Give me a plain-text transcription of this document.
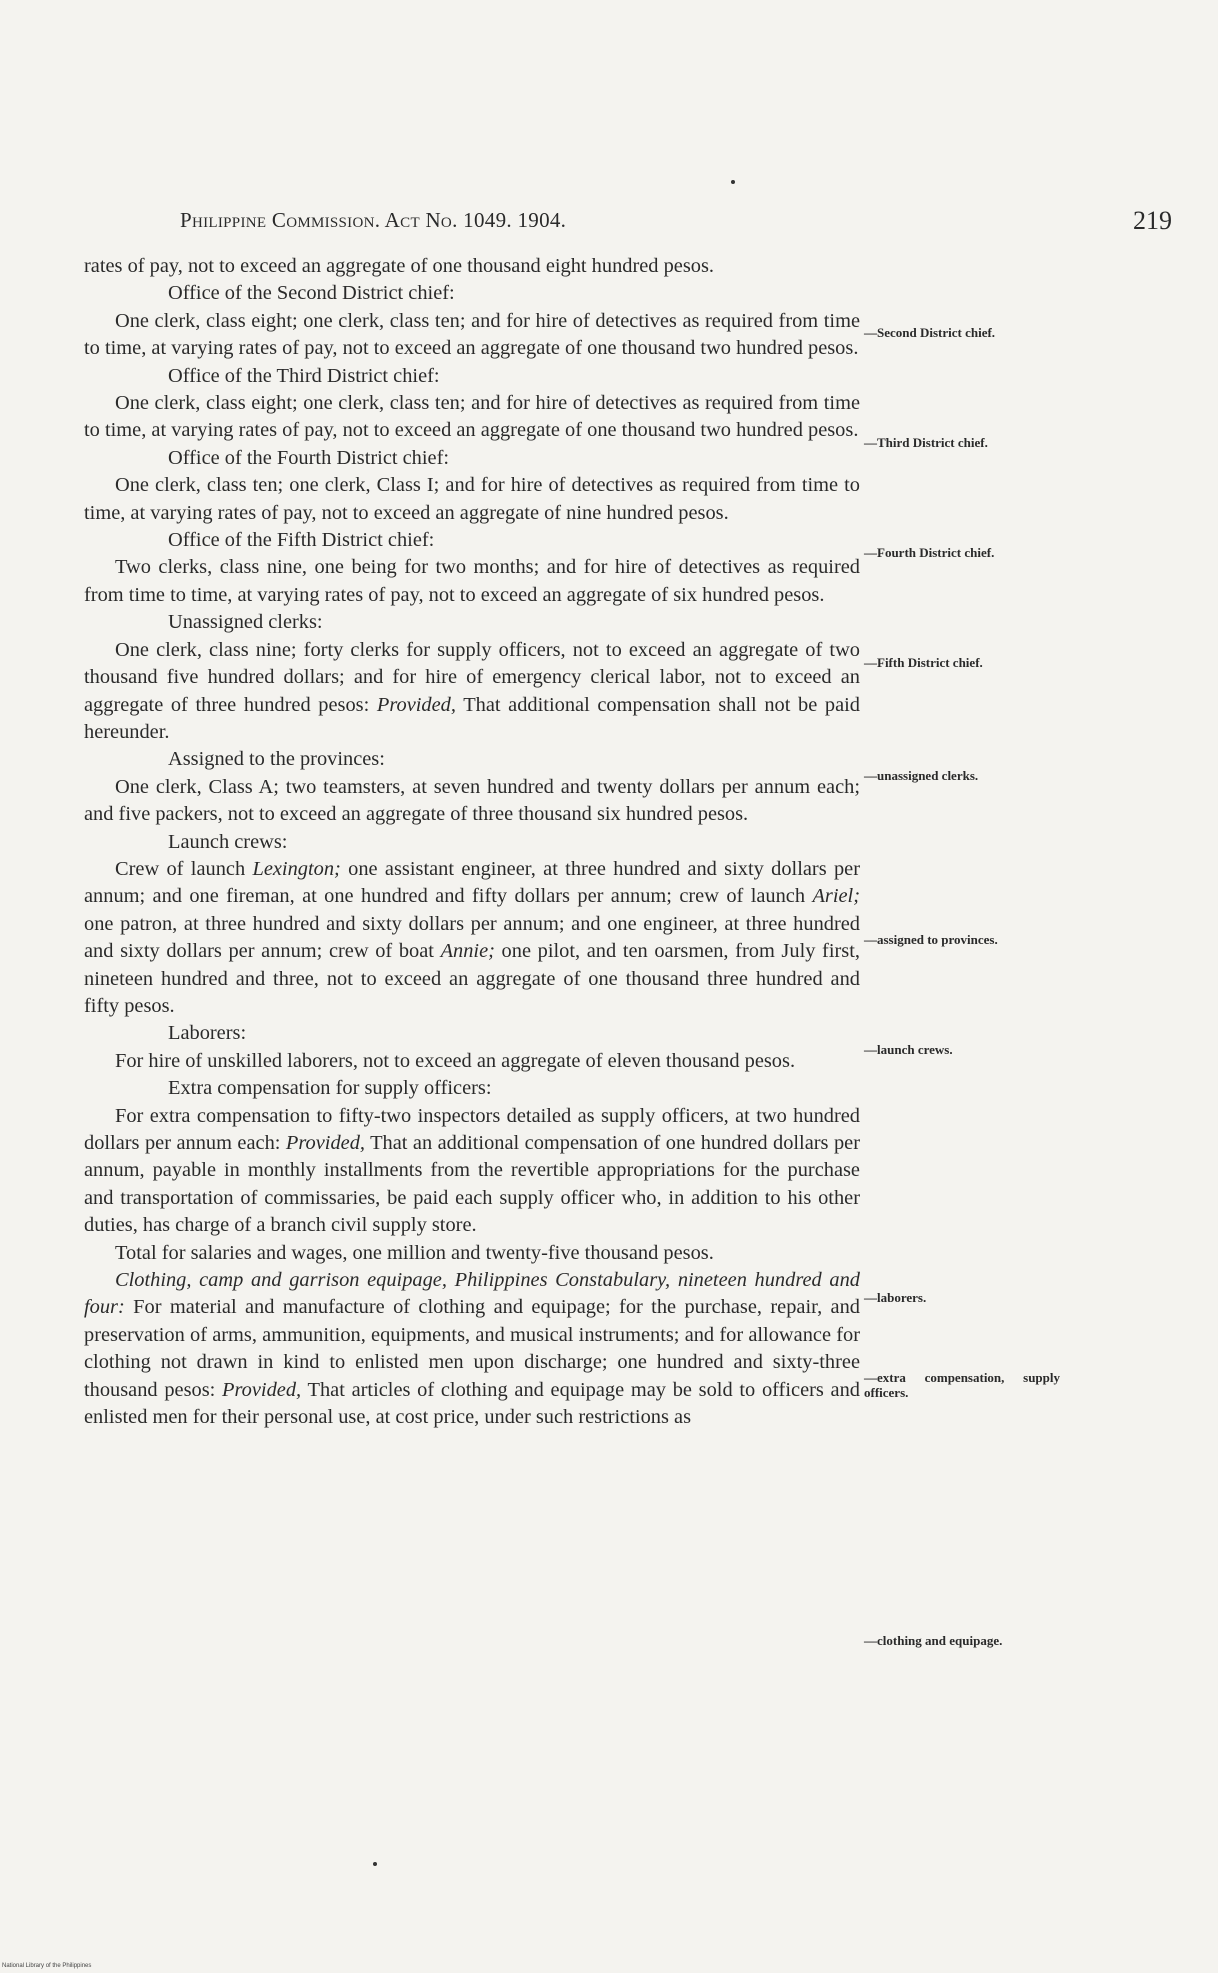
Philippine Commission. Act No. 1049. 1904.	219

rates of pay, not to exceed an aggregate of one thousand eight hundred pesos.

Office of the Second District chief:

One clerk, class eight; one clerk, class ten; and for hire of detectives as required from time to time, at varying rates of pay, not to exceed an aggregate of one thousand two hundred pesos.

Office of the Third District chief:

One clerk, class eight; one clerk, class ten; and for hire of detectives as required from time to time, at varying rates of pay, not to exceed an aggregate of one thousand two hundred pesos.

Office of the Fourth District chief:

One clerk, class ten; one clerk, Class I; and for hire of detectives as required from time to time, at varying rates of pay, not to exceed an aggregate of nine hundred pesos.

Office of the Fifth District chief:

Two clerks, class nine, one being for two months; and for hire of detectives as required from time to time, at varying rates of pay, not to exceed an aggregate of six hundred pesos.

Unassigned clerks:

One clerk, class nine; forty clerks for supply officers, not to exceed an aggregate of two thousand five hundred dollars; and for hire of emergency clerical labor, not to exceed an aggregate of three hundred pesos: Provided, That additional compensation shall not be paid hereunder.

Assigned to the provinces:

One clerk, Class A; two teamsters, at seven hundred and twenty dollars per annum each; and five packers, not to exceed an aggregate of three thousand six hundred pesos.

Launch crews:

Crew of launch Lexington; one assistant engineer, at three hundred and sixty dollars per annum; and one fireman, at one hundred and fifty dollars per annum; crew of launch Ariel; one patron, at three hundred and sixty dollars per annum; and one engineer, at three hundred and sixty dollars per annum; crew of boat Annie; one pilot, and ten oarsmen, from July first, nineteen hundred and three, not to exceed an aggregate of one thousand three hundred and fifty pesos.

Laborers:

For hire of unskilled laborers, not to exceed an aggregate of eleven thousand pesos.

Extra compensation for supply officers:

For extra compensation to fifty-two inspectors detailed as supply officers, at two hundred dollars per annum each: Provided, That an additional compensation of one hundred dollars per annum, payable in monthly installments from the revertible appropriations for the purchase and transportation of commissaries, be paid each supply officer who, in addition to his other duties, has charge of a branch civil supply store.

Total for salaries and wages, one million and twenty-five thousand pesos.

Clothing, camp and garrison equipage, Philippines Constabulary, nineteen hundred and four: For material and manufacture of clothing and equipage; for the purchase, repair, and preservation of arms, ammunition, equipments, and musical instruments; and for allowance for clothing not drawn in kind to enlisted men upon discharge; one hundred and sixty-three thousand pesos: Provided, That articles of clothing and equipage may be sold to officers and enlisted men for their personal use, at cost price, under such restrictions as

—Second District chief.
—Third District chief.
—Fourth District chief.
—Fifth District chief.
—unassigned clerks.
—assigned to provinces.
—launch crews.
—laborers.
—extra compensation, supply officers.
—clothing and equipage.
National Library of the Philippines
